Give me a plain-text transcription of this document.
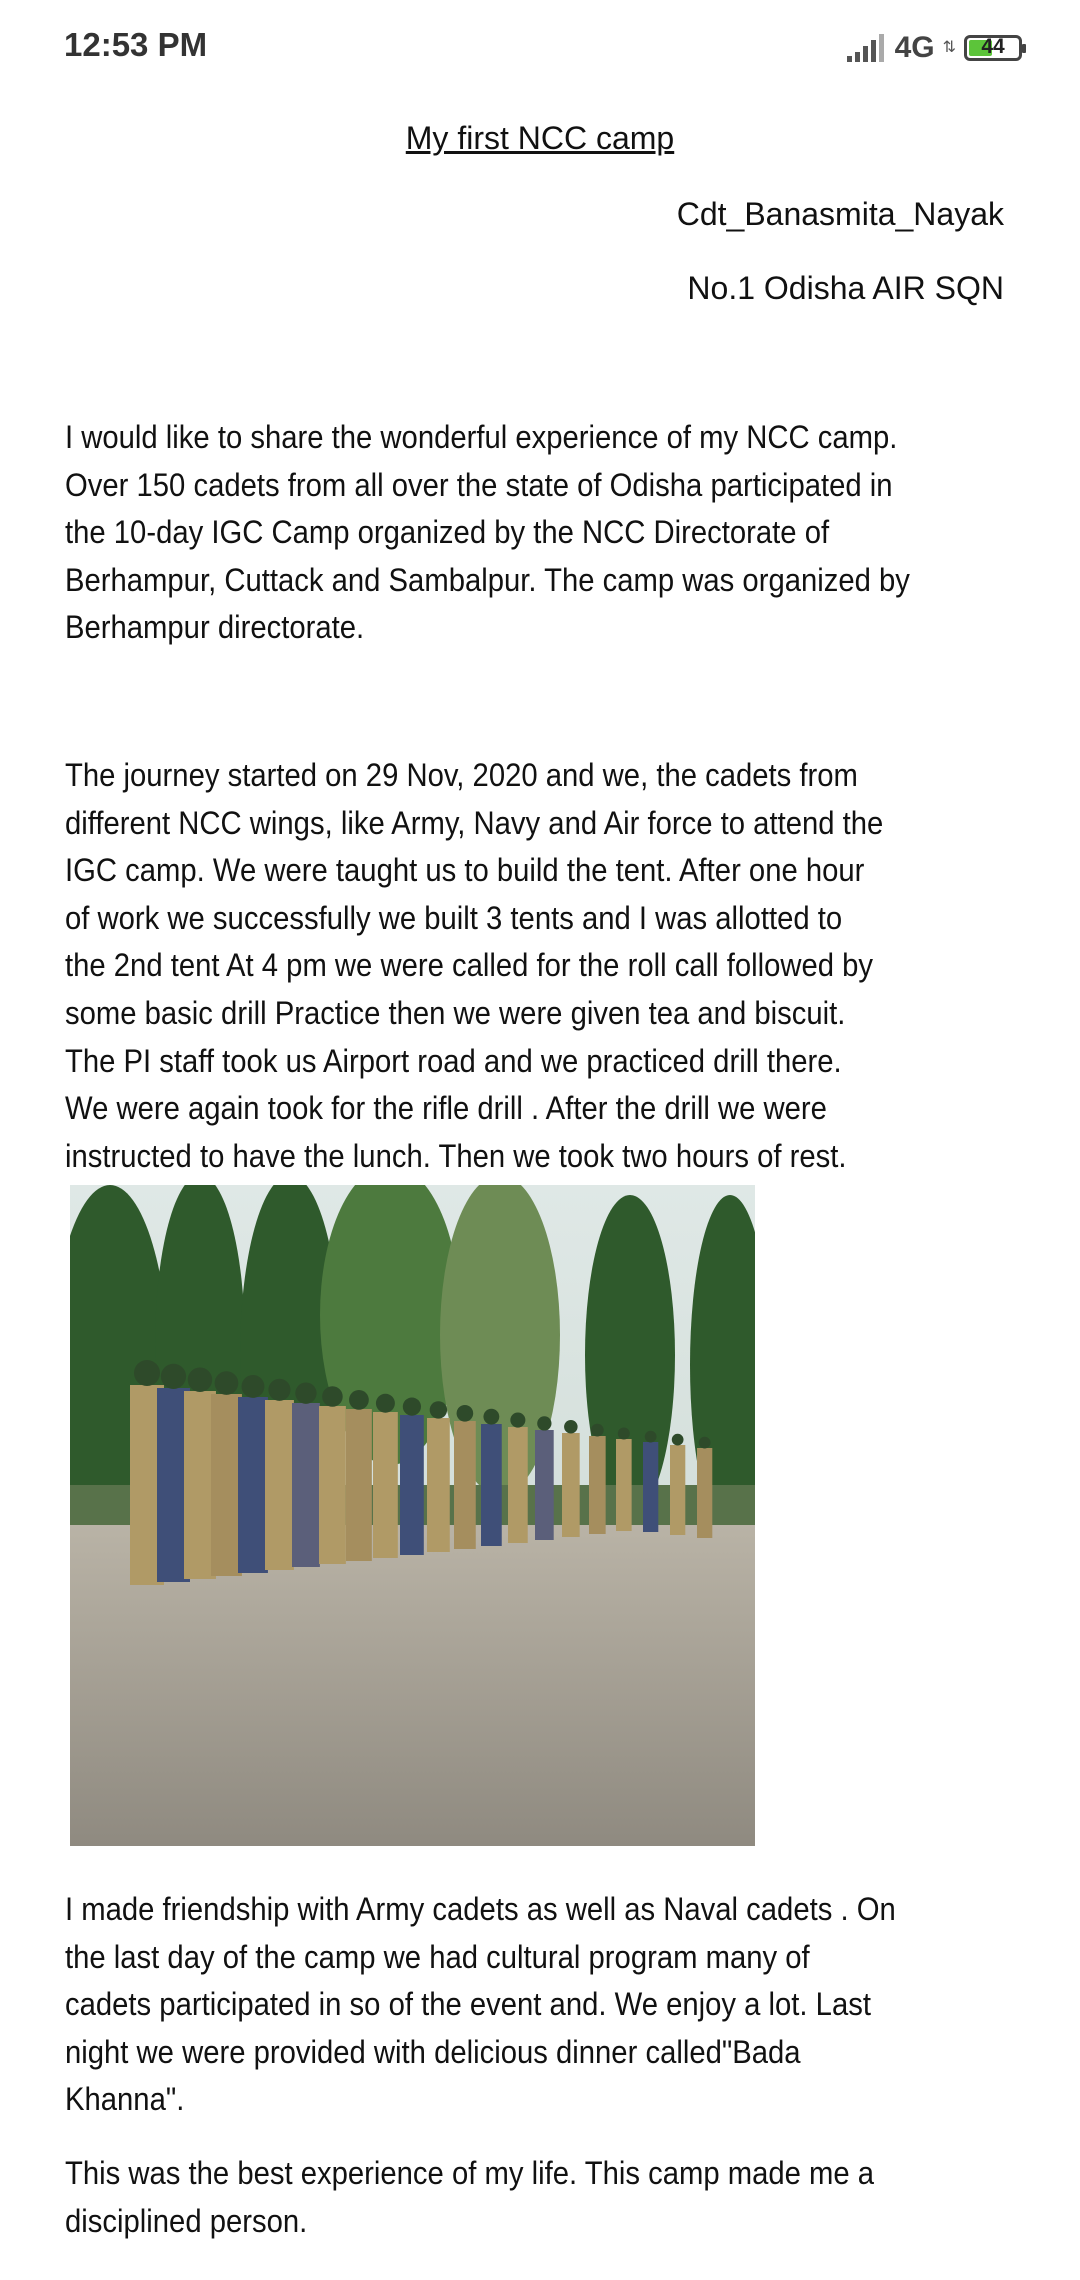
12:53 PM	4G ⇅	44
My first NCC camp
Cdt_Banasmita_Nayak
No.1 Odisha AIR SQN
I would like to share the wonderful experience of my NCC camp.
Over 150 cadets from all over the state of Odisha participated in
the 10-day IGC Camp organized by the NCC Directorate of
Berhampur, Cuttack and Sambalpur. The camp was organized by
Berhampur directorate.
The journey started on 29 Nov, 2020 and we, the cadets from
different NCC wings, like Army, Navy and Air force to attend the
IGC camp. We were taught us to build the tent. After one hour
of work we successfully we built 3 tents and I was allotted to
the 2nd tent At 4 pm we were called for the roll call followed by
some basic drill Practice then we were given tea and biscuit.
The PI staff took us Airport road and we practiced drill there.
We were again took for the rifle drill . After the drill we were
instructed to have the lunch. Then we took two hours of rest.
I made friendship with Army cadets as well as Naval cadets . On
the last day of the camp we had cultural program many of
cadets participated in so of the event and. We enjoy a lot. Last
night we were provided with delicious dinner called"Bada
Khanna".
This was the best experience of my life. This camp made me a
disciplined person.
